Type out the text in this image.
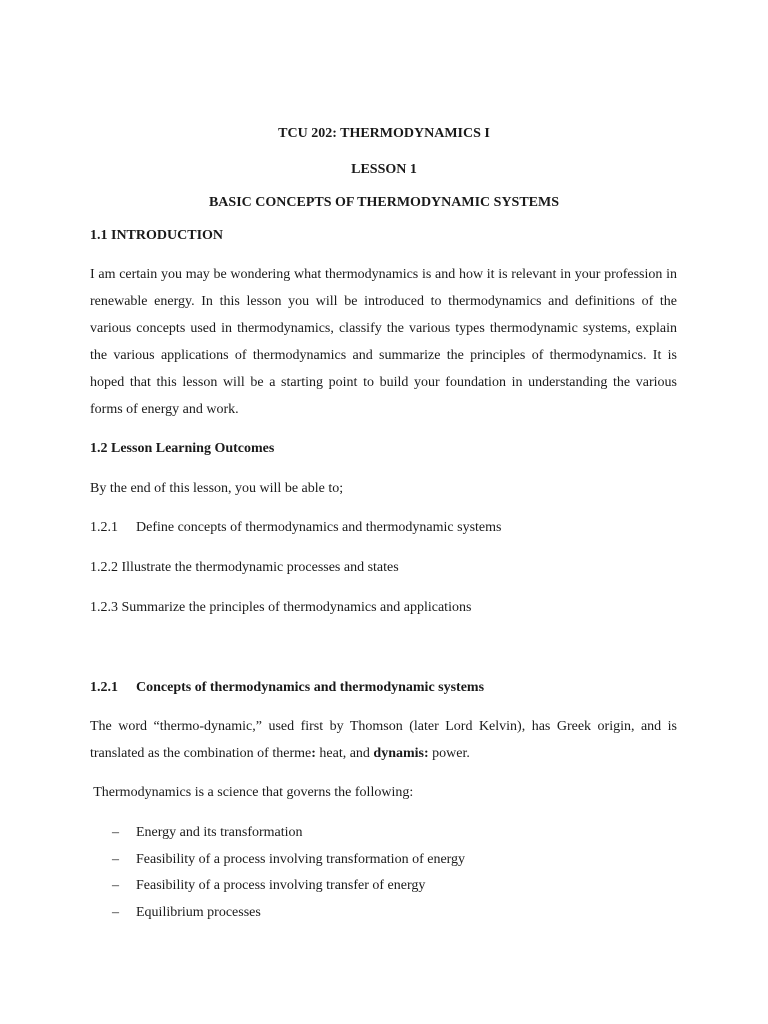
TCU 202: THERMODYNAMICS I
LESSON 1
BASIC CONCEPTS OF THERMODYNAMIC SYSTEMS
1.1 INTRODUCTION

I am certain you may be wondering what thermodynamics is and how it is relevant in your profession in renewable energy. In this lesson you will be introduced to thermodynamics and definitions of the various concepts used in thermodynamics, classify the various types thermodynamic systems, explain the various applications of thermodynamics and summarize the principles of thermodynamics. It is hoped that this lesson will be a starting point to build your foundation in understanding the various forms of energy and work.

1.2 Lesson Learning Outcomes
By the end of this lesson, you will be able to;
1.2.1 Define concepts of thermodynamics and thermodynamic systems
1.2.2 Illustrate the thermodynamic processes and states
1.2.3 Summarize the principles of thermodynamics and applications
1.2.1 Concepts of thermodynamics and thermodynamic systems

The word “thermo-dynamic,” used first by Thomson (later Lord Kelvin), has Greek origin, and is translated as the combination of therme: heat, and dynamis: power.

Thermodynamics is a science that governs the following:
– Energy and its transformation
– Feasibility of a process involving transformation of energy
– Feasibility of a process involving transfer of energy
– Equilibrium processes
